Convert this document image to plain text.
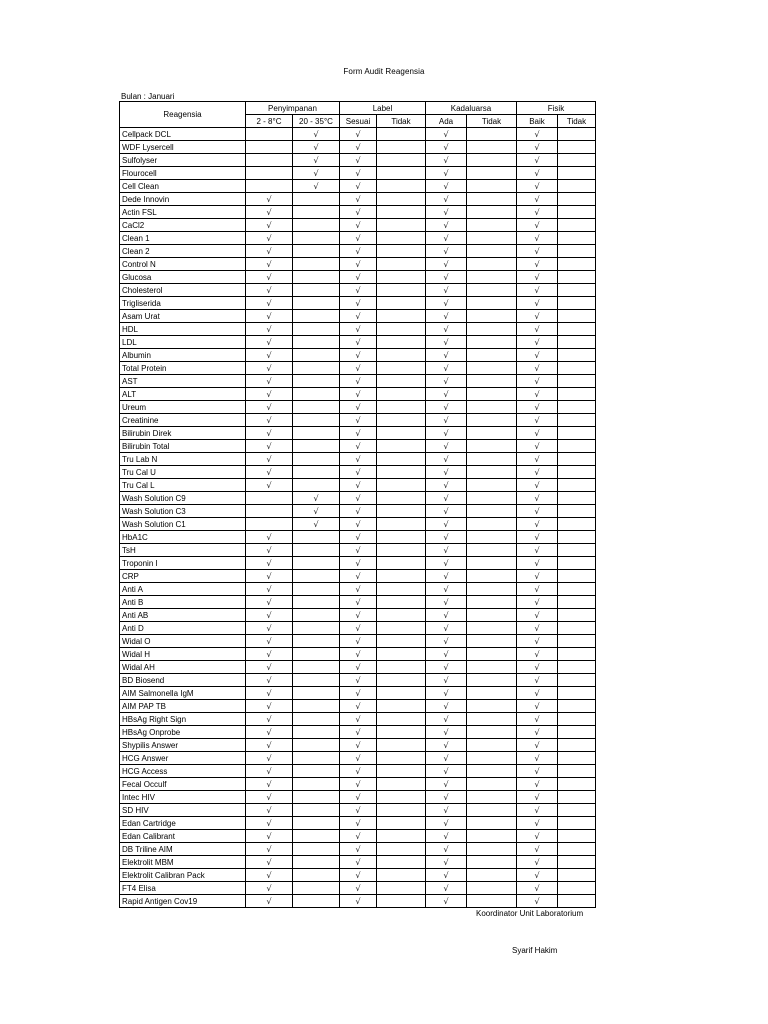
Form Audit Reagensia
Bulan : Januari
Reagensia	Penyimpanan		Label		Kadaluarsa		Fisik	
	2 - 8°C	20 - 35°C	Sesuai	Tidak	Ada	Tidak	Baik	Tidak
Cellpack DCL		√	√		√		√	
WDF Lysercell		√	√		√		√	
Sulfolyser		√	√		√		√	
Flourocell		√	√		√		√	
Cell Clean		√	√		√		√	
Dede Innovin	√		√		√		√	
Actin FSL	√		√		√		√	
CaCl2	√		√		√		√	
Clean 1	√		√		√		√	
Clean 2	√		√		√		√	
Control N	√		√		√		√	
Glucosa	√		√		√		√	
Cholesterol	√		√		√		√	
Trigliserida	√		√		√		√	
Asam Urat	√		√		√		√	
HDL	√		√		√		√	
LDL	√		√		√		√	
Albumin	√		√		√		√	
Total Protein	√		√		√		√	
AST	√		√		√		√	
ALT	√		√		√		√	
Ureum	√		√		√		√	
Creatinine	√		√		√		√	
Bilirubin Direk	√		√		√		√	
Bilirubin Total	√		√		√		√	
Tru Lab N	√		√		√		√	
Tru Cal U	√		√		√		√	
Tru Cal L	√		√		√		√	
Wash Solution C9		√	√		√		√	
Wash Solution C3		√	√		√		√	
Wash Solution C1		√	√		√		√	
HbA1C	√		√		√		√	
TsH	√		√		√		√	
Troponin I	√		√		√		√	
CRP	√		√		√		√	
Anti A	√		√		√		√	
Anti B	√		√		√		√	
Anti AB	√		√		√		√	
Anti D	√		√		√		√	
Widal O	√		√		√		√	
Widal H	√		√		√		√	
Widal AH	√		√		√		√	
BD Biosend	√		√		√		√	
AIM Salmonella IgM	√		√		√		√	
AIM PAP TB	√		√		√		√	
HBsAg Right Sign	√		√		√		√	
HBsAg Onprobe	√		√		√		√	
Shypilis Answer	√		√		√		√	
HCG Answer	√		√		√		√	
HCG Access	√		√		√		√	
Fecal Occulf	√		√		√		√	
Intec HIV	√		√		√		√	
SD HIV	√		√		√		√	
Edan Cartridge	√		√		√		√	
Edan Calibrant	√		√		√		√	
DB Triline AIM	√		√		√		√	
Elektrolit MBM	√		√		√		√	
Elektrolit Calibran Pack	√		√		√		√	
FT4 Elisa	√		√		√		√	
Rapid Antigen Cov19	√		√		√		√	
Koordinator Unit Laboratorium
Syarif Hakim
